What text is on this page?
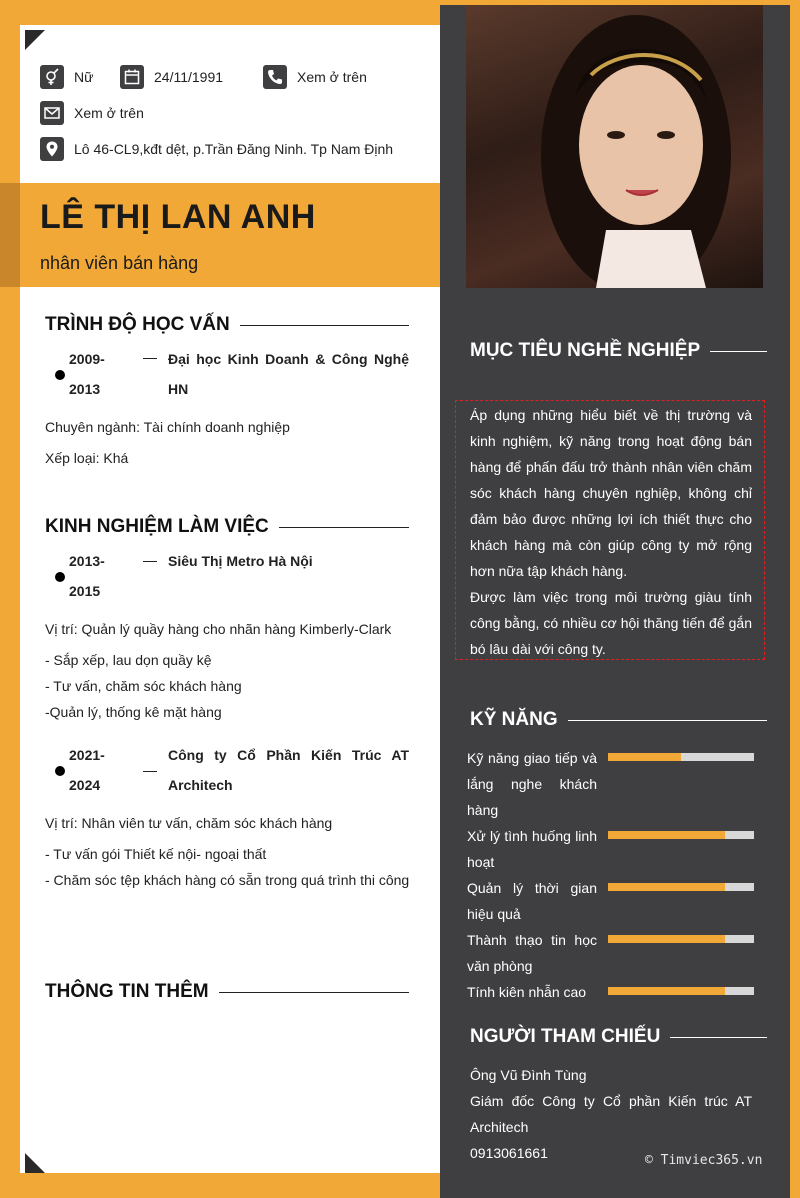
Nữ	24/11/1991	Xem ở trên
Xem ở trên
Lô 46-CL9,kđt dệt, p.Trần Đăng Ninh. Tp Nam Định
LÊ THỊ LAN ANH
nhân viên bán hàng
TRÌNH ĐỘ HỌC VẤN
2009-2013
Đại học Kinh Doanh & Công Nghệ HN
Chuyên ngành: Tài chính doanh nghiệp
Xếp loại: Khá
KINH NGHIỆM LÀM VIỆC
2013-2015
Siêu Thị Metro Hà Nội
Vị trí: Quản lý quầy hàng cho nhãn hàng Kimberly-Clark
- Sắp xếp, lau dọn quầy kệ
- Tư vấn, chăm sóc khách hàng
-Quản lý, thống kê mặt hàng
2021-2024
Công ty Cổ Phần Kiến Trúc AT Architech
Vị trí: Nhân viên tư vấn, chăm sóc khách hàng
- Tư vấn gói Thiết kế nội- ngoại thất
- Chăm sóc tệp khách hàng có sẵn trong quá trình thi công
THÔNG TIN THÊM
MỤC TIÊU NGHỀ NGHIỆP

Áp dụng những hiểu biết về thị trường và kinh nghiệm, kỹ năng trong hoạt động bán hàng để phấn đấu trở thành nhân viên chăm sóc khách hàng chuyên nghiệp, không chỉ đảm bảo được những lợi ích thiết thực cho khách hàng mà còn giúp công ty mở rộng hơn nữa tập khách hàng.

Được làm việc trong môi trường giàu tính công bằng, có nhiều cơ hội thăng tiến để gắn bó lâu dài với công ty.

KỸ NĂNG
Kỹ năng giao tiếp và lắng nghe khách hàng
Xử lý tình huống linh hoạt
Quản lý thời gian hiệu quả
Thành thạo tin học văn phòng
Tính kiên nhẫn cao
NGƯỜI THAM CHIẾU
Ông Vũ Đình Tùng
Giám đốc Công ty Cổ phần Kiến trúc AT Architech
0913061661	© Timviec365.vn
